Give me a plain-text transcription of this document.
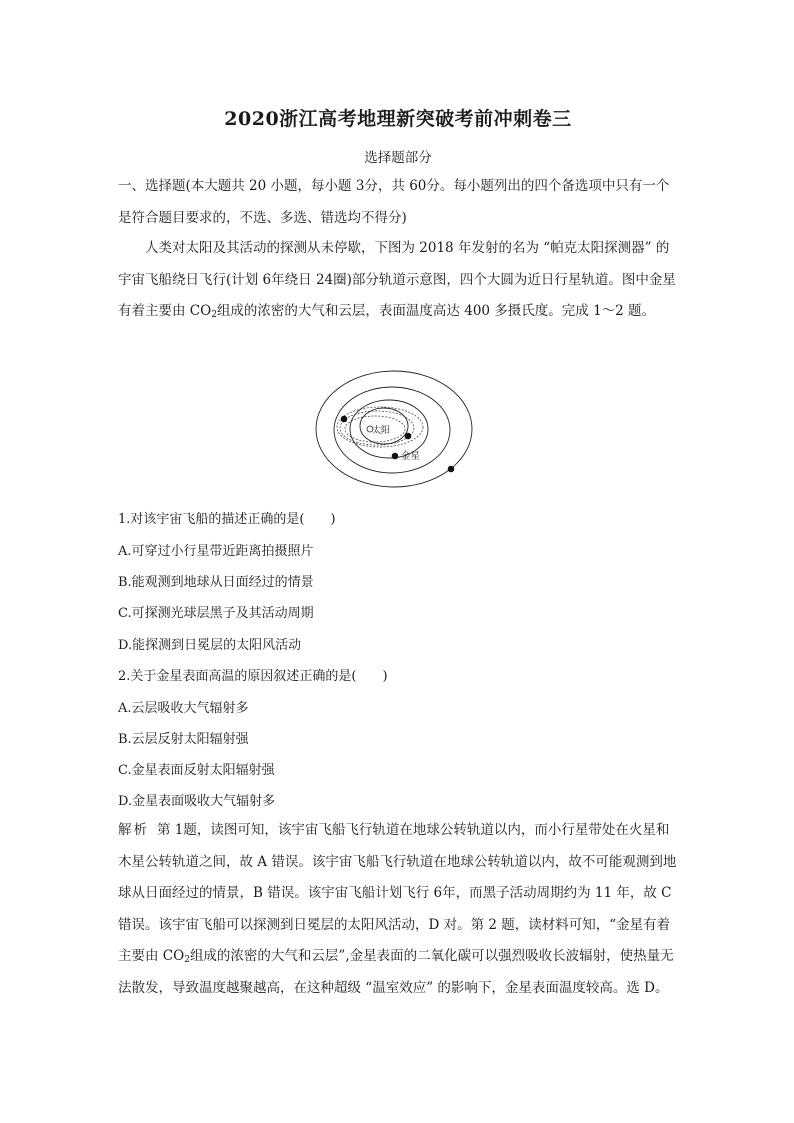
2020浙江高考地理新突破考前冲刺卷三
选择题部分

一、选择题(本大题共 20 小题，每小题 3分，共 60分。每小题列出的四个备选项中只有一个是符合题目要求的，不选、多选、错选均不得分)

人类对太阳及其活动的探测从未停歇，下图为 2018 年发射的名为 “帕克太阳探测器” 的宇宙飞船绕日飞行(计划 6年绕日 24圈)部分轨道示意图，四个大圆为近日行星轨道。图中金星有着主要由 $CO_2$组成的浓密的大气和云层，表面温度高达 400 多摄氏度。完成 1～2 题。

太阳
金星
1.对该宇宙飞船的描述正确的是(　　)
A.可穿过小行星带近距离拍摄照片
B.能观测到地球从日面经过的情景
C.可探测光球层黑子及其活动周期
D.能探测到日冕层的太阳风活动
2.关于金星表面高温的原因叙述正确的是(　　)
A.云层吸收大气辐射多
B.云层反射太阳辐射强
C.金星表面反射太阳辐射强
D.金星表面吸收大气辐射多

解析 第 1题，读图可知，该宇宙飞船飞行轨道在地球公转轨道以内，而小行星带处在火星和木星公转轨道之间，故 A 错误。该宇宙飞船飞行轨道在地球公转轨道以内，故不可能观测到地球从日面经过的情景，B 错误。该宇宙飞船计划飞行 6年，而黑子活动周期约为 11 年，故 C 错误。该宇宙飞船可以探测到日冕层的太阳风活动，D 对。第 2 题，读材料可知，“金星有着主要由 $CO_2$组成的浓密的大气和云层”,金星表面的二氧化碳可以强烈吸收长波辐射，使热量无法散发，导致温度越聚越高，在这种超级 “温室效应” 的影响下，金星表面温度较高。选 D。
